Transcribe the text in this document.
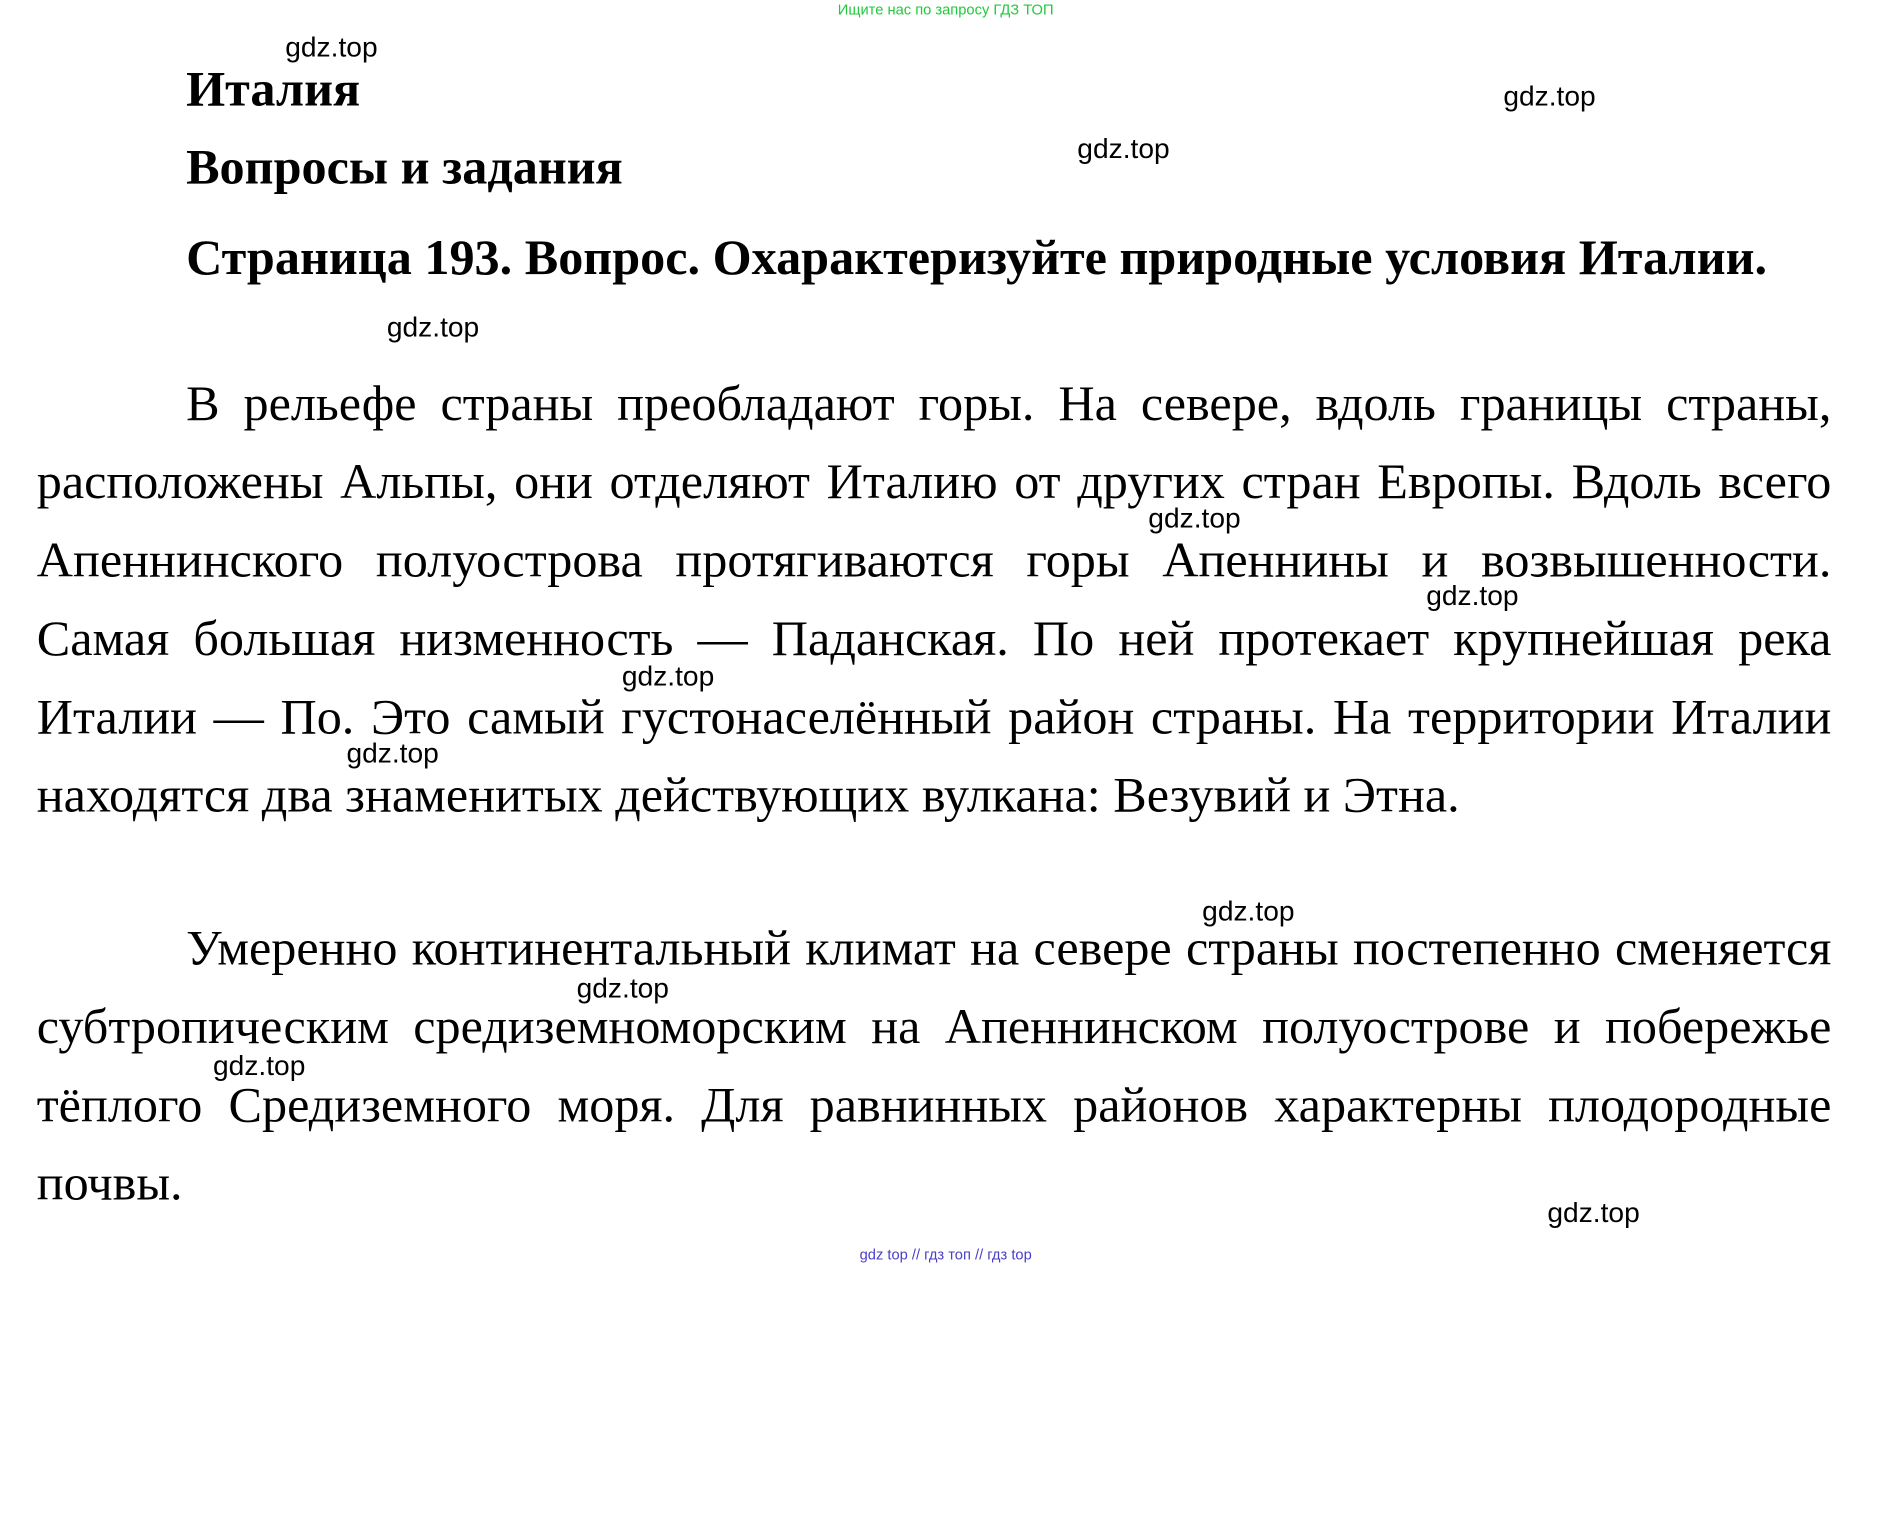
Ищите нас по запросу ГДЗ ТОП
Италия
Вопросы и задания

Страница 193. Вопрос. Охарактеризуйте природные условия Италии.

В рельефе страны преобладают горы. На севере, вдоль границы страны, расположены Альпы, они отделяют Италию от других стран Европы. Вдоль всего Апеннинского полуострова протягиваются горы Апеннины и возвышенности. Самая большая низменность — Паданская. По ней протекает крупнейшая река Италии — По. Это самый густонаселённый район страны. На территории Италии находятся два знаменитых действующих вулкана: Везувий и Этна.

Умеренно континентальный климат на севере страны постепенно сменяется субтропическим средиземноморским на Апеннинском полуострове и побережье тёплого Средиземного моря. Для равнинных районов характерны плодородные почвы.

gdz.top
gdz.top
gdz.top
gdz.top
gdz.top
gdz.top
gdz.top
gdz.top
gdz.top
gdz.top
gdz.top
gdz.top
gdz top // гдз топ // гдз top
